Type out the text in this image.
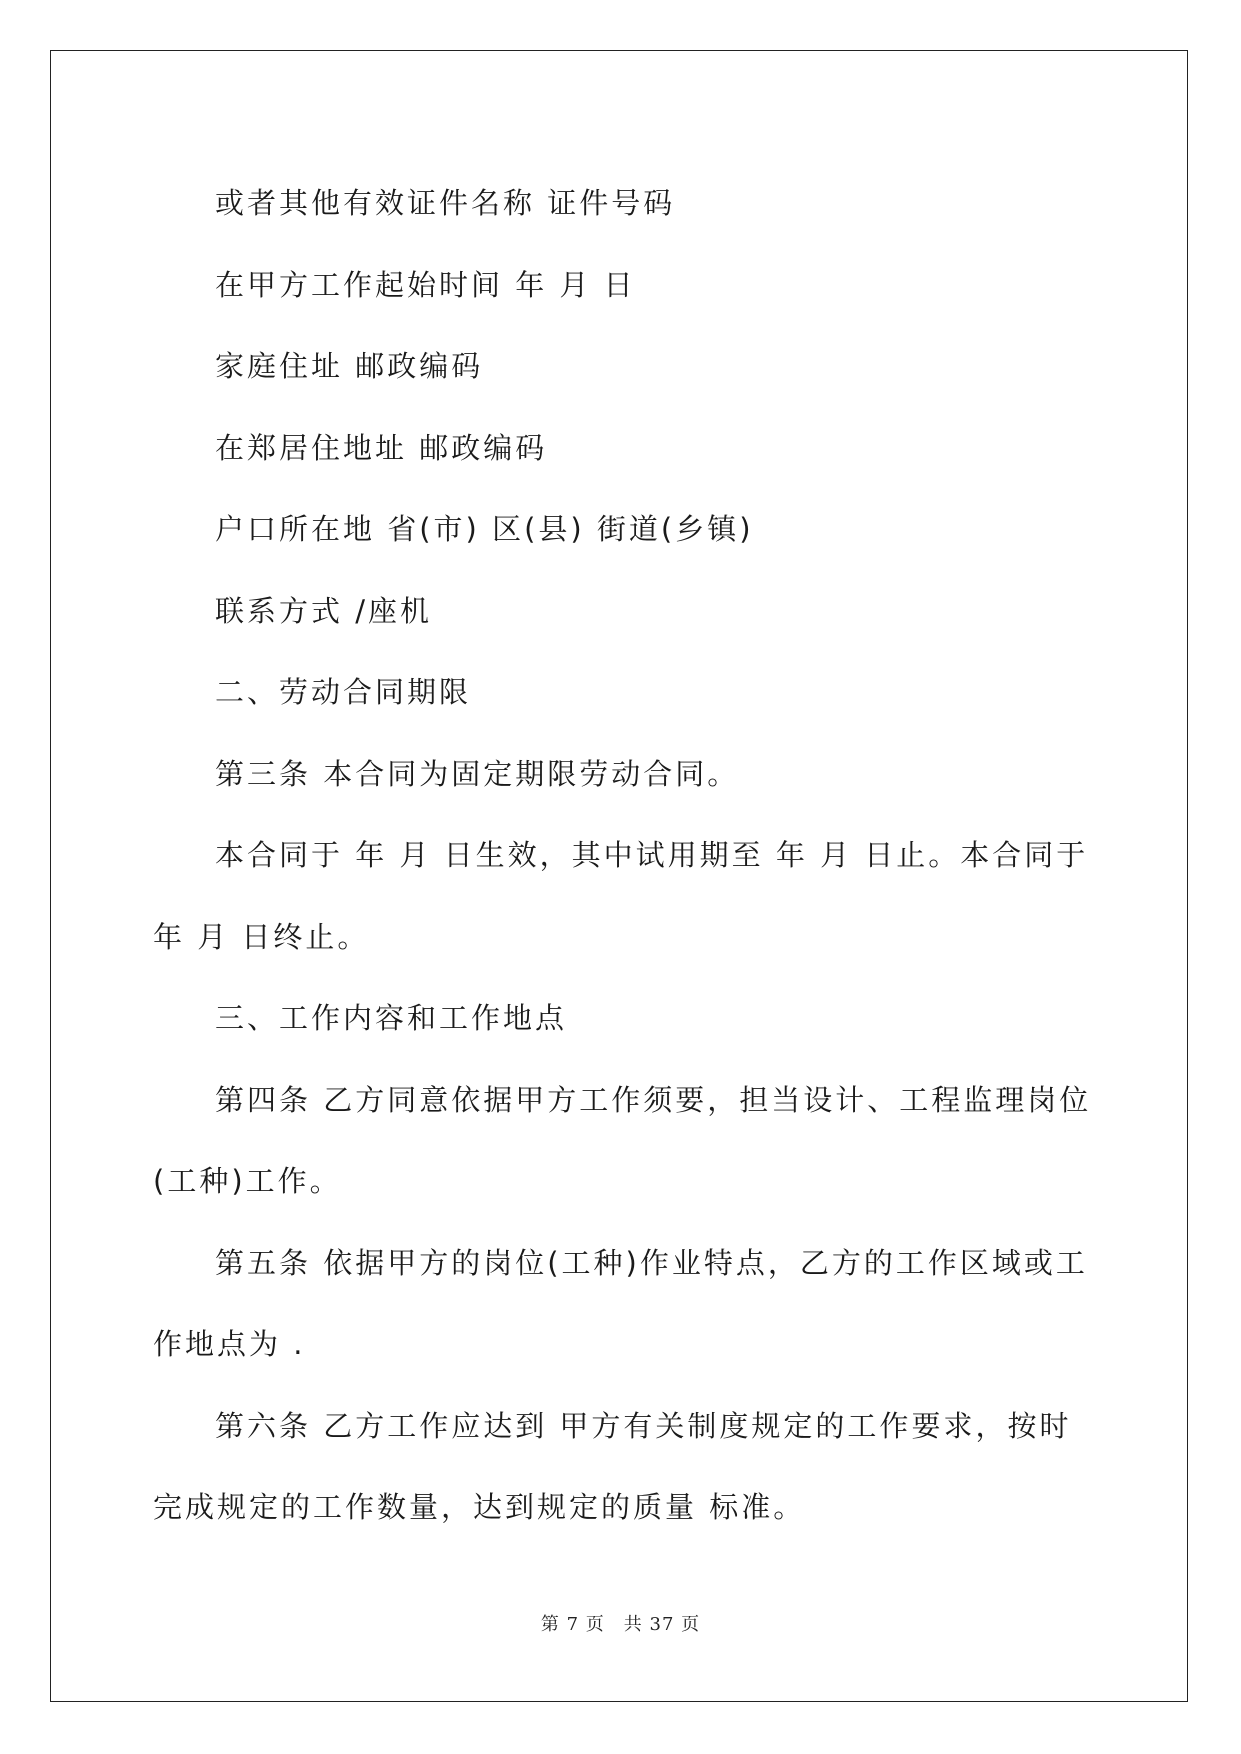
或者其他有效证件名称 证件号码

在甲方工作起始时间 年 月 日

家庭住址 邮政编码

在郑居住地址 邮政编码

户口所在地 省(市) 区(县) 街道(乡镇)

联系方式 /座机

二、劳动合同期限

第三条 本合同为固定期限劳动合同。

本合同于 年 月 日生效，其中试用期至 年 月 日止。本合同于年 月 日终止。

三、工作内容和工作地点

第四条 乙方同意依据甲方工作须要，担当设计、工程监理岗位(工种)工作。

第五条 依据甲方的岗位(工种)作业特点，乙方的工作区域或工作地点为 .

第六条 乙方工作应达到 甲方有关制度规定的工作要求，按时完成规定的工作数量，达到规定的质量 标准。

第 7 页　共 37 页
